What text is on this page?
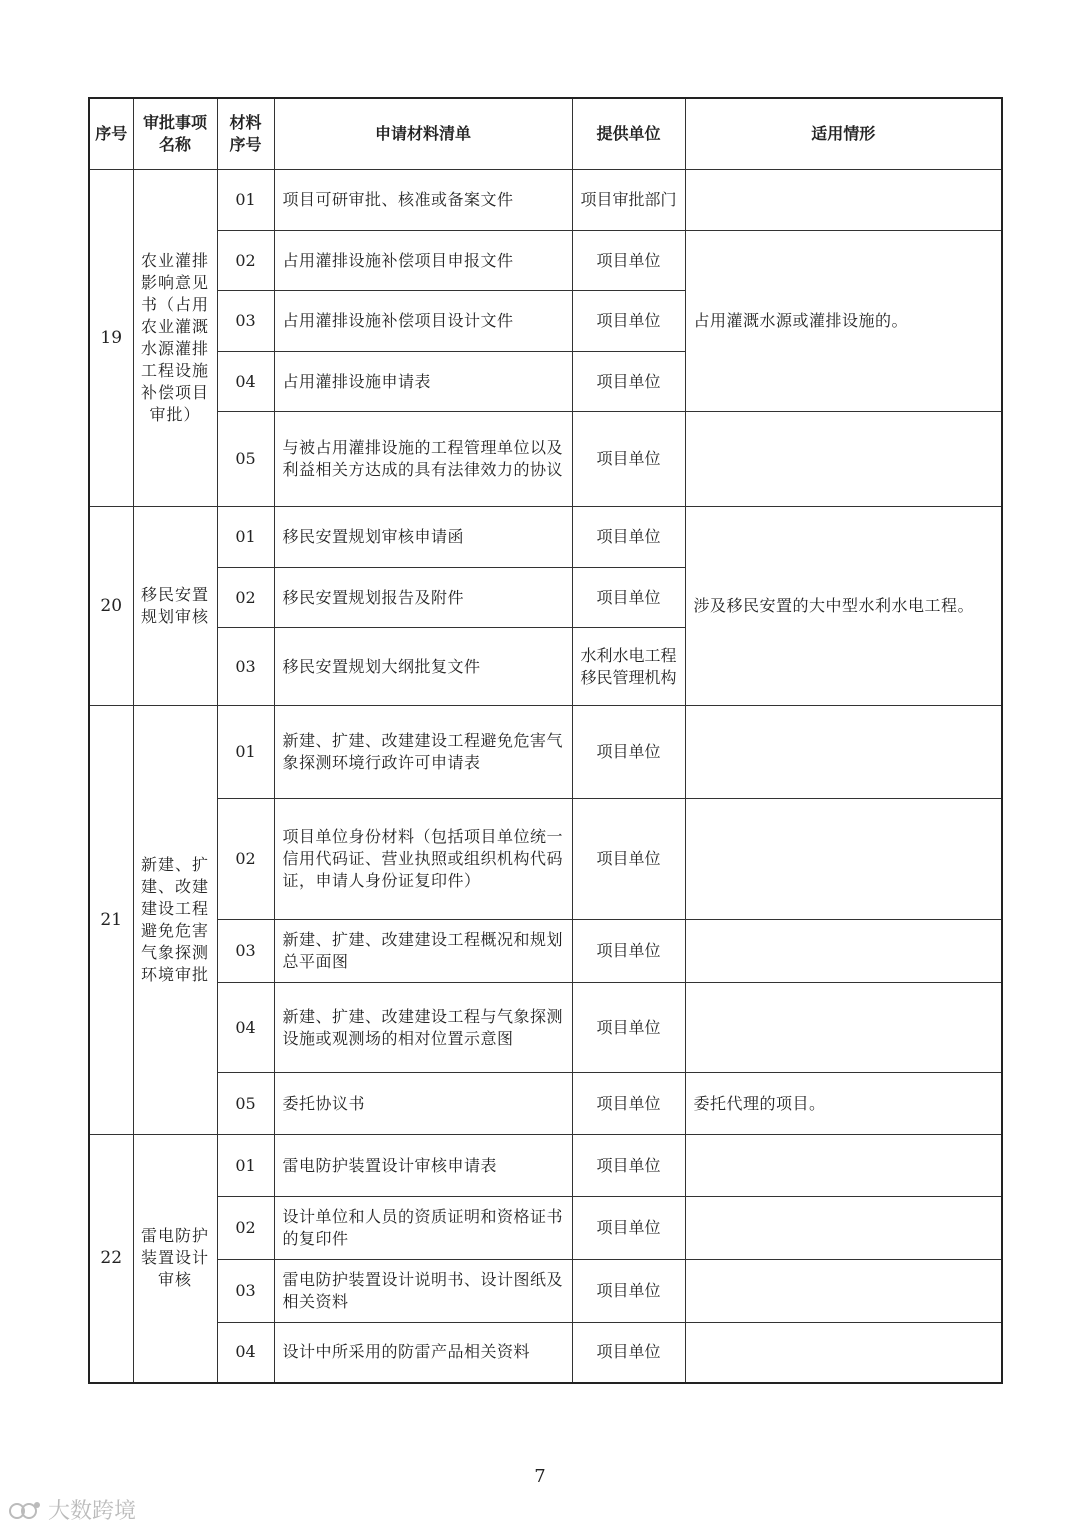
序号	审批事项名称	材料序号	申请材料清单	提供单位	适用情形
19	农业灌排影响意见书（占用农业灌溉水源灌排工程设施补偿项目审批）	01	项目可研审批、核准或备案文件	项目审批部门	
		02	占用灌排设施补偿项目申报文件	项目单位	占用灌溉水源或灌排设施的。
		03	占用灌排设施补偿项目设计文件	项目单位	
		04	占用灌排设施申请表	项目单位	
		05	与被占用灌排设施的工程管理单位以及利益相关方达成的具有法律效力的协议	项目单位	
20	移民安置规划审核	01	移民安置规划审核申请函	项目单位	涉及移民安置的大中型水利水电工程。
		02	移民安置规划报告及附件	项目单位	
		03	移民安置规划大纲批复文件	水利水电工程移民管理机构	
21	新建、扩建、改建建设工程避免危害气象探测环境审批	01	新建、扩建、改建建设工程避免危害气象探测环境行政许可申请表	项目单位	
		02	项目单位身份材料（包括项目单位统一信用代码证、营业执照或组织机构代码证，申请人身份证复印件）	项目单位	
		03	新建、扩建、改建建设工程概况和规划总平面图	项目单位	
		04	新建、扩建、改建建设工程与气象探测设施或观测场的相对位置示意图	项目单位	
		05	委托协议书	项目单位	委托代理的项目。
22	雷电防护装置设计审核	01	雷电防护装置设计审核申请表	项目单位	
		02	设计单位和人员的资质证明和资格证书的复印件	项目单位	
		03	雷电防护装置设计说明书、设计图纸及相关资料	项目单位	
		04	设计中所采用的防雷产品相关资料	项目单位	
7
大数跨境
